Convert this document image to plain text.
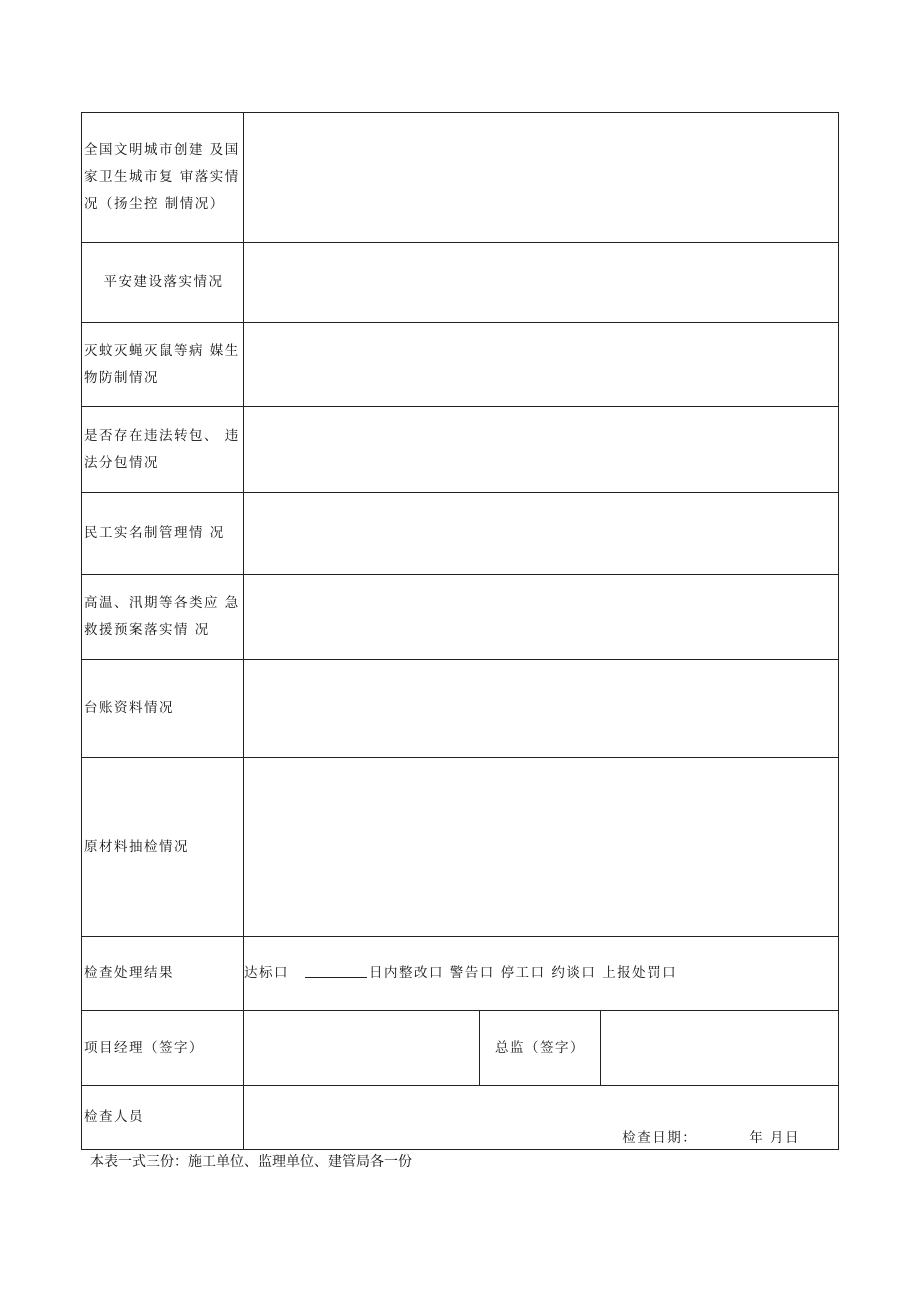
全国文明城市创建 及国家卫生城市复 审落实情况（扬尘控 制情况）			
平安建设落实情况			
灭蚊灭蝇灭鼠等病 媒生物防制情况			
是否存在违法转包、 违法分包情况			
民工实名制管理情 况			
高温、汛期等各类应 急救援预案落实情 况			
台账资料情况			
原材料抽检情况			
检查处理结果	达标口 日内整改口 警告口 停工口 约谈口 上报处罚口		
项目经理（签字）		总监（签字）	
检查人员	检查日期： 年 月日		
本表一式三份：施工单位、监理单位、建管局各一份
